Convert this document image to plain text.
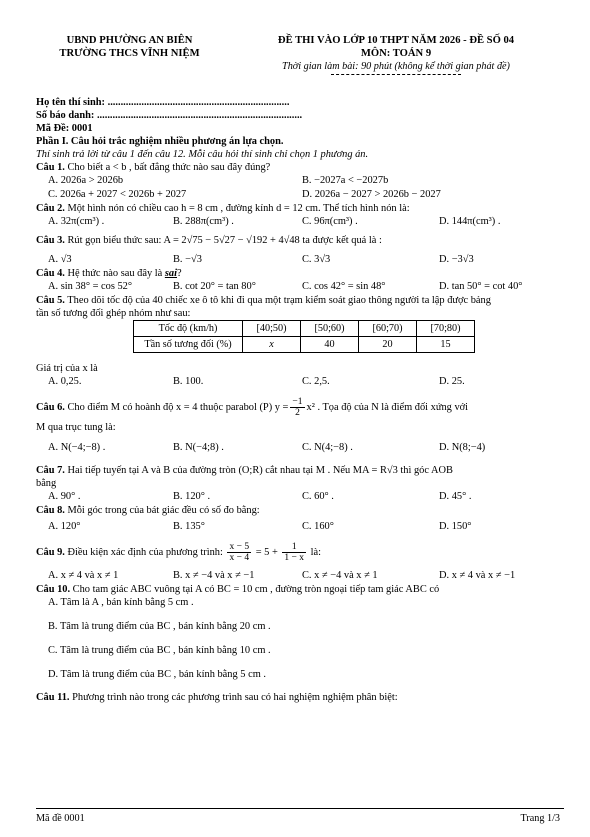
UBND PHƯỜNG AN BIÊN
TRƯỜNG THCS VĨNH NIỆM
ĐỀ THI VÀO LỚP 10 THPT NĂM 2026 - ĐỀ SỐ 04
MÔN: TOÁN 9
Thời gian làm bài: 90 phút (không kể thời gian phát đề)
Họ tên thí sinh: ......................................................................
Số báo danh: ...............................................................................
Mã Đề: 0001
Phần I. Câu hỏi trắc nghiệm nhiều phương án lựa chọn.
Thí sinh trả lời từ câu 1 đến câu 12. Mỗi câu hỏi thí sinh chỉ chọn 1 phương án.
Câu 1. Cho biết a < b , bất đẳng thức nào sau đây đúng?
A. 2026a > 2026b	B. −2027a < −2027b
C. 2026a + 2027 < 2026b + 2027	D. 2026a − 2027 > 2026b − 2027
Câu 2. Một hình nón có chiều cao h = 8 cm , đường kính d = 12 cm. Thể tích hình nón là:
A. 32π(cm³) .	B. 288π(cm³) .	C. 96π(cm³) .	D. 144π(cm³) .
Câu 3. Rút gọn biểu thức sau: A = 2√75 − 5√27 − √192 + 4√48 ta được kết quả là :
A. √3	B. −√3	C. 3√3	D. −3√3
Câu 4. Hệ thức nào sau đây là sai?
A. sin 38° = cos 52°	B. cot 20° = tan 80°	C. cos 42° = sin 48°	D. tan 50° = cot 40°
Câu 5. Theo dõi tốc độ của 40 chiếc xe ô tô khi đi qua một trạm kiểm soát giao thông người ta lập được bảng
tần số tương đối ghép nhóm như sau:
Tốc độ (km/h)	[40;50)	[50;60)	[60;70)	[70;80)
Tần số tương đối (%)	x	40	20	15
Giá trị của x là
A. 0,25.	B. 100.	C. 2,5.	D. 25.
Câu 6. Cho điểm M có hoành độ x = 4 thuộc parabol (P) $y = \frac{-1}{2} x^2$ . Tọa độ của N là điểm đối xứng với
M qua trục tung là:
A. N(−4;−8) .	B. N(−4;8) .	C. N(4;−8) .	D. N(8;−4)
Câu 7. Hai tiếp tuyến tại A và B của đường tròn (O;R) cắt nhau tại M . Nếu MA = R√3 thì góc AOB
bằng
A. 90° .	B. 120° .	C. 60° .	D. 45° .
Câu 8. Mỗi góc trong của bát giác đều có số đo bằng:
A. 120°	B. 135°	C. 160°	D. 150°
Câu 9. Điều kiện xác định của phương trình: $\frac{x - 5}{x - 4} = 5 + \frac{1}{1 - x}$ là:
A. x ≠ 4 và x ≠ 1	B. x ≠ −4 và x ≠ −1	C. x ≠ −4 và x ≠ 1	D. x ≠ 4 và x ≠ −1
Câu 10. Cho tam giác ABC vuông tại A có BC = 10 cm , đường tròn ngoại tiếp tam giác ABC có
A. Tâm là A , bán kính bằng 5 cm .
B. Tâm là trung điểm của BC , bán kính bằng 20 cm .
C. Tâm là trung điểm của BC , bán kính bằng 10 cm .
D. Tâm là trung điểm của BC , bán kính bằng 5 cm .
Câu 11. Phương trình nào trong các phương trình sau có hai nghiệm nghiệm phân biệt:
Mã đề 0001	Trang 1/3
